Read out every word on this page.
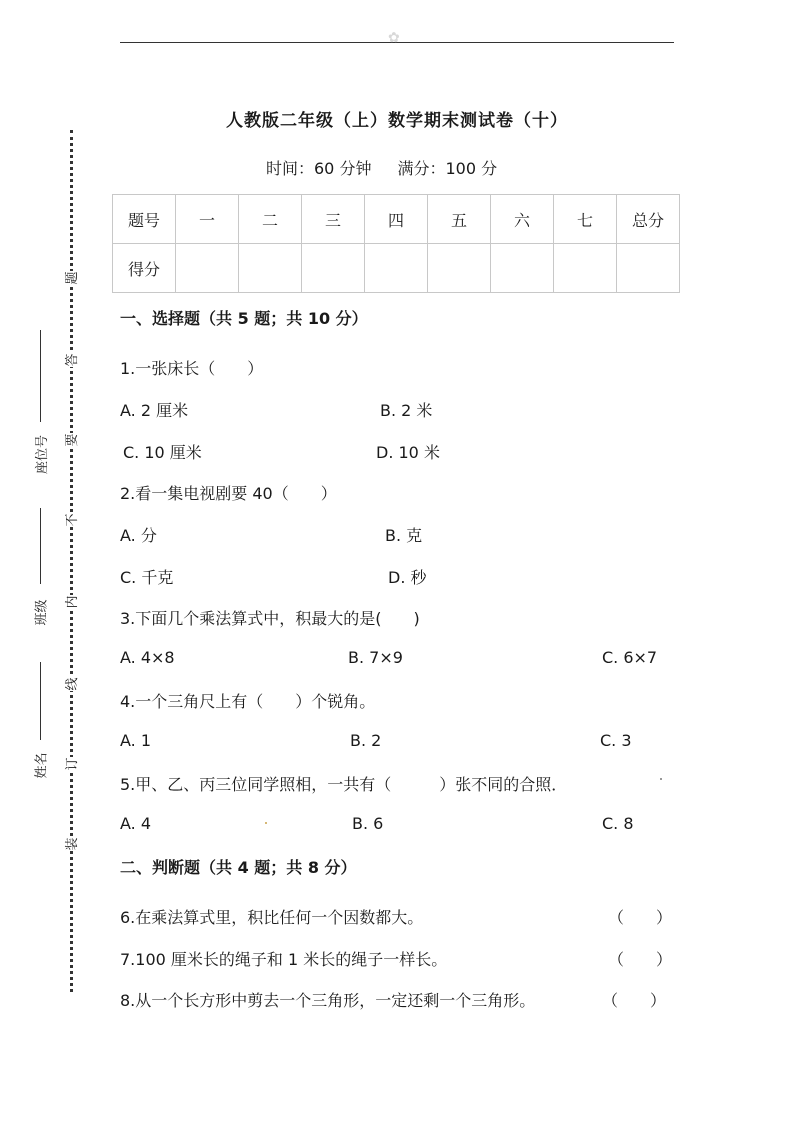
✿
题
答
要
不
内
线
订
装
座位号
班级
姓名
人教版二年级（上）数学期末测试卷（十）
时间：60 分钟 满分：100 分
题号	一	二	三	四	五	六	七	总分
得分								
一、选择题（共 5 题；共 10 分）
1.一张床长（　　）
A. 2 厘米	B. 2 米
C. 10 厘米	D. 10 米
2.看一集电视剧要 40（　　）
A. 分	B. 克
C. 千克	D. 秒
3.下面几个乘法算式中，积最大的是(　　)
A. 4×8	B. 7×9	C. 6×7
4.一个三角尺上有（　　）个锐角。
A. 1	B. 2	C. 3
5.甲、乙、丙三位同学照相，一共有（　　　）张不同的合照．
A. 4	B. 6	C. 8
二、判断题（共 4 题；共 8 分）
6.在乘法算式里，积比任何一个因数都大。	（　　）
7.100 厘米长的绳子和 1 米长的绳子一样长。	（　　）
8.从一个长方形中剪去一个三角形，一定还剩一个三角形。	（　　）
